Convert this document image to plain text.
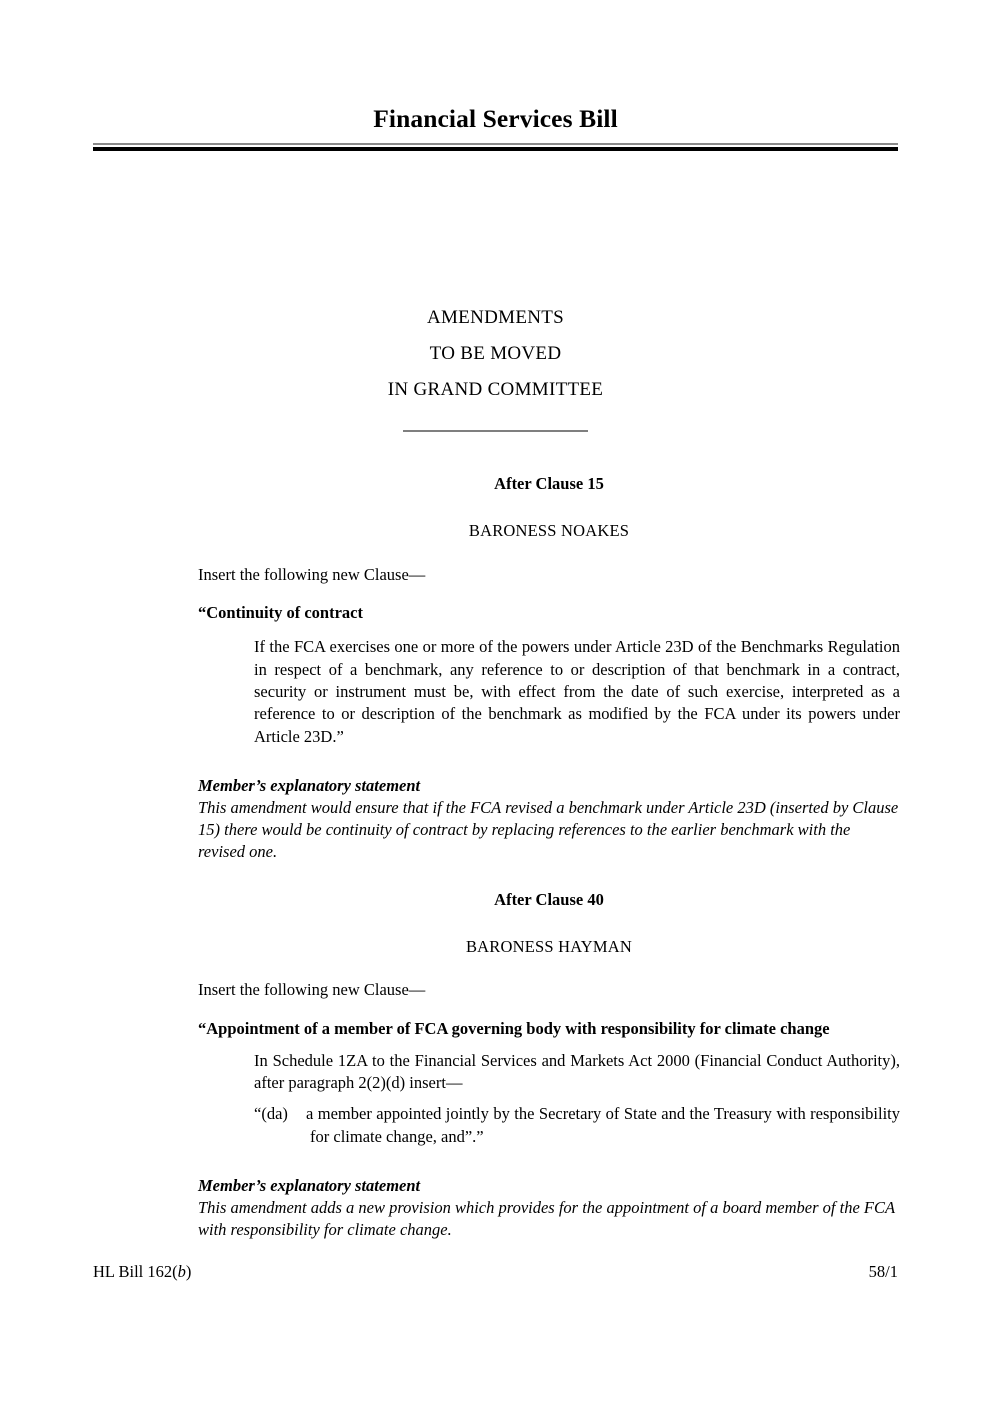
Financial Services Bill
AMENDMENTS
TO BE MOVED
IN GRAND COMMITTEE
After Clause 15
BARONESS NOAKES
Insert the following new Clause—
“Continuity of contract
If the FCA exercises one or more of the powers under Article 23D of the Benchmarks Regulation in respect of a benchmark, any reference to or description of that benchmark in a contract, security or instrument must be, with effect from the date of such exercise, interpreted as a reference to or description of the benchmark as modified by the FCA under its powers under Article 23D.”
Member’s explanatory statement
This amendment would ensure that if the FCA revised a benchmark under Article 23D (inserted by Clause 15) there would be continuity of contract by replacing references to the earlier benchmark with the revised one.
After Clause 40
BARONESS HAYMAN
Insert the following new Clause—
“Appointment of a member of FCA governing body with responsibility for climate change
In Schedule 1ZA to the Financial Services and Markets Act 2000 (Financial Conduct Authority), after paragraph 2(2)(d) insert—
“(da) a member appointed jointly by the Secretary of State and the Treasury with responsibility for climate change, and”.”
Member’s explanatory statement
This amendment adds a new provision which provides for the appointment of a board member of the FCA with responsibility for climate change.
HL Bill 162(b)	58/1
